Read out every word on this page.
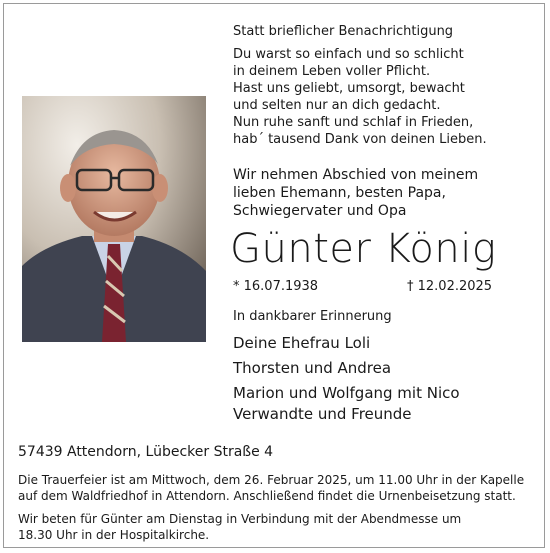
Statt brieflicher Benachrichtigung
Du warst so einfach und so schlicht
in deinem Leben voller Pflicht.
Hast uns geliebt, umsorgt, bewacht
und selten nur an dich gedacht.
Nun ruhe sanft und schlaf in Frieden,
hab´ tausend Dank von deinen Lieben.
Wir nehmen Abschied von meinem
lieben Ehemann, besten Papa,
Schwiegervater und Opa
Günter König
* 16.07.1938	† 12.02.2025
In dankbarer Erinnerung
Deine Ehefrau Loli
Thorsten und Andrea
Marion und Wolfgang mit Nico
Verwandte und Freunde
57439 Attendorn, Lübecker Straße 4
Die Trauerfeier ist am Mittwoch, dem 26. Februar 2025, um 11.00 Uhr in der Kapelle
auf dem Waldfriedhof in Attendorn. Anschließend findet die Urnenbeisetzung statt.
Wir beten für Günter am Dienstag in Verbindung mit der Abendmesse um
18.30 Uhr in der Hospitalkirche.
